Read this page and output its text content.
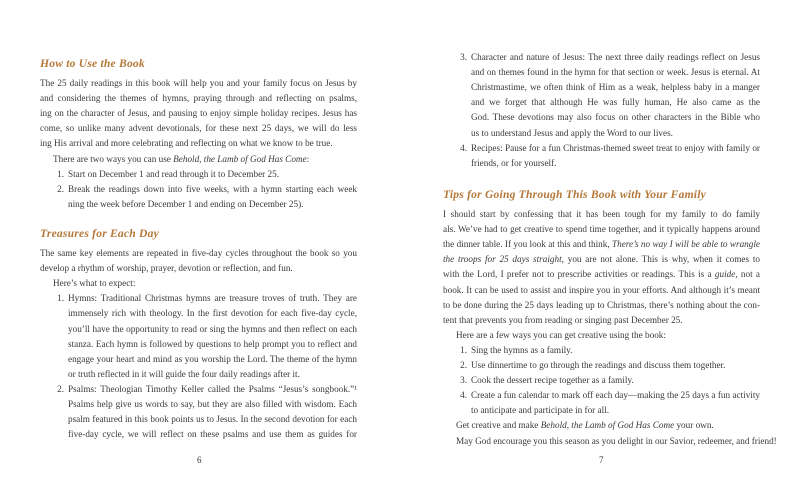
6
How to Use the Book
The 25 daily readings in this book will help you and your family focus on Jesus by
and considering the themes of hymns, praying through and reflecting on psalms,
ing on the character of Jesus, and pausing to enjoy simple holiday recipes. Jesus has
come, so unlike many advent devotionals, for these next 25 days, we will do less
ing His arrival and more celebrating and reflecting on what we know to be true.
There are two ways you can use Behold, the Lamb of God Has Come:
1. Start on December 1 and read through it to December 25.
2. Break the readings down into five weeks, with a hymn starting each week
ning the week before December 1 and ending on December 25).
Treasures for Each Day
The same key elements are repeated in five-day cycles throughout the book so you
develop a rhythm of worship, prayer, devotion or reflection, and fun.
Here’s what to expect:
1. Hymns: Traditional Christmas hymns are treasure troves of truth. They are
immensely rich with theology. In the first devotion for each five-day cycle,
you’ll have the opportunity to read or sing the hymns and then reflect on each
stanza. Each hymn is followed by questions to help prompt you to reflect and
engage your heart and mind as you worship the Lord. The theme of the hymn
or truth reflected in it will guide the four daily readings after it.
2. Psalms: Theologian Timothy Keller called the Psalms “Jesus’s songbook.”¹
Psalms help give us words to say, but they are also filled with wisdom. Each
psalm featured in this book points us to Jesus. In the second devotion for each
five-day cycle, we will reflect on these psalms and use them as guides for
7
3. Character and nature of Jesus: The next three daily readings reflect on Jesus
and on themes found in the hymn for that section or week. Jesus is eternal. At
Christmastime, we often think of Him as a weak, helpless baby in a manger
and we forget that although He was fully human, He also came as the
God. These devotions may also focus on other characters in the Bible who
us to understand Jesus and apply the Word to our lives.
4. Recipes: Pause for a fun Christmas-themed sweet treat to enjoy with family or
friends, or for yourself.
Tips for Going Through This Book with Your Family
I should start by confessing that it has been tough for my family to do family
als. We’ve had to get creative to spend time together, and it typically happens around
the dinner table. If you look at this and think, There’s no way I will be able to wrangle
the troops for 25 days straight, you are not alone. This is why, when it comes to
with the Lord, I prefer not to prescribe activities or readings. This is a guide, not a
book. It can be used to assist and inspire you in your efforts. And although it’s meant
to be done during the 25 days leading up to Christmas, there’s nothing about the con-
tent that prevents you from reading or singing past December 25.
Here are a few ways you can get creative using the book:
1. Sing the hymns as a family.
2. Use dinnertime to go through the readings and discuss them together.
3. Cook the dessert recipe together as a family.
4. Create a fun calendar to mark off each day—making the 25 days a fun activity
to anticipate and participate in for all.
Get creative and make Behold, the Lamb of God Has Come your own.
May God encourage you this season as you delight in our Savior, redeemer, and friend!
